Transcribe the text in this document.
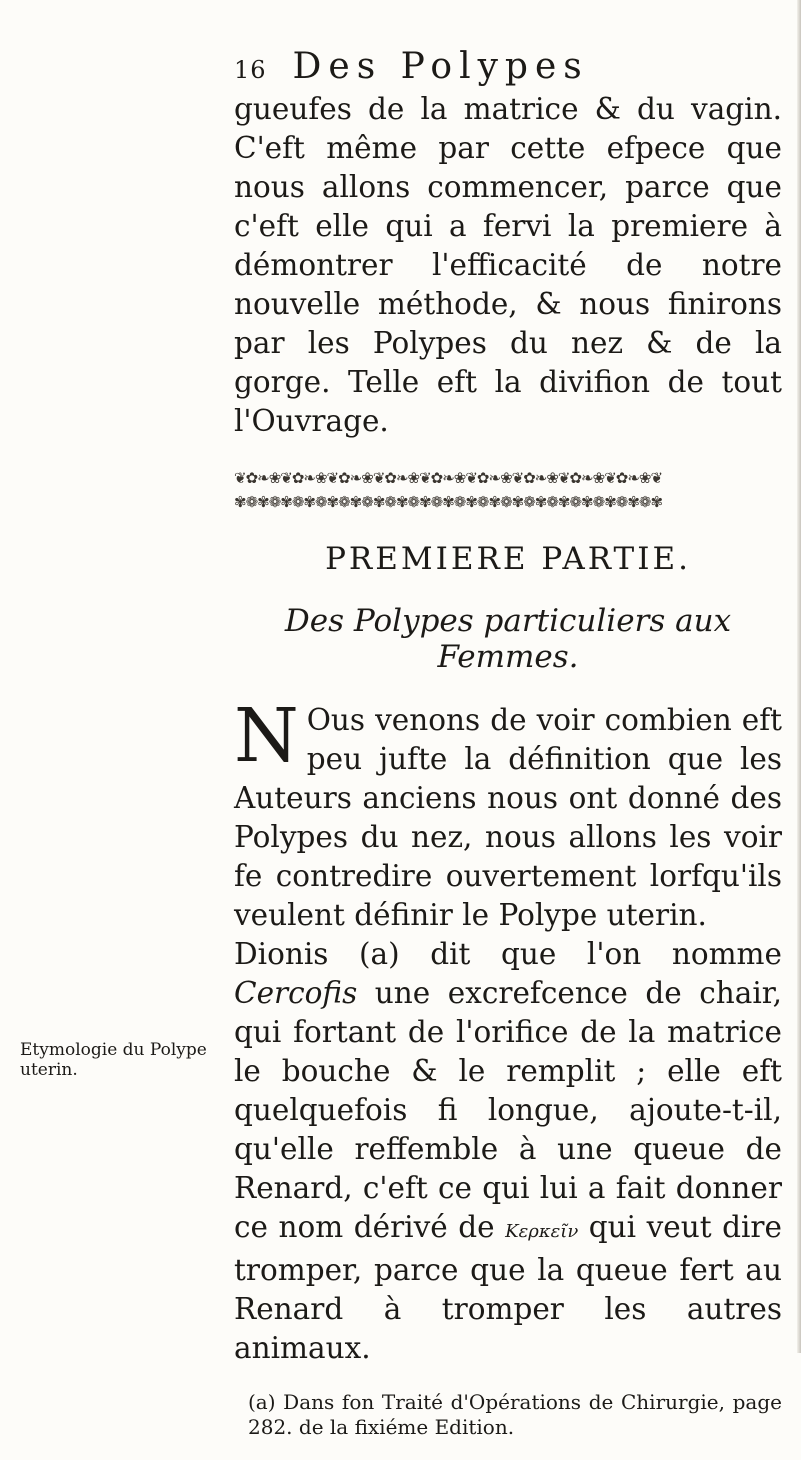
16 Des Polypes
Etymologie du Polype uterin.

gueufes de la matrice & du vagin. C'eft même par cette efpece que nous allons commencer, parce que c'eft elle qui a fervi la premiere à démontrer l'efficacité de notre nouvelle méthode, & nous finirons par les Polypes du nez & de la gorge. Telle eft la divifion de tout l'Ouvrage.

❦✿❧❀❦✿❧❀❦✿❧❀❦✿❧❀❦✿❧❀❦✿❧❀❦✿❧❀❦✿❧❀❦✿❧❀❦
✾❁✾❁✾❁✾❁✾❁✾❁✾❁✾❁✾❁✾❁✾❁✾❁✾❁✾❁✾❁✾❁✾❁✾❁✾
PREMIERE PARTIE.
Des Polypes particuliers aux Femmes.

N Ous venons de voir combien eft peu jufte la définition que les Auteurs anciens nous ont donné des Polypes du nez, nous allons les voir fe contredire ouvertement lorfqu'ils veulent définir le Polype uterin.

Dionis (a) dit que l'on nomme Cercofis une excrefcence de chair, qui fortant de l'orifice de la matrice le bouche & le remplit ; elle eft quelquefois fi longue, ajoute-t-il, qu'elle reffemble à une queue de Renard, c'eft ce qui lui a fait donner ce nom dérivé de Κερκεῖν qui veut dire tromper, parce que la queue fert au Renard à tromper les autres animaux.

(a) Dans fon Traité d'Opérations de Chirurgie, page 282. de la fixiéme Edition.
